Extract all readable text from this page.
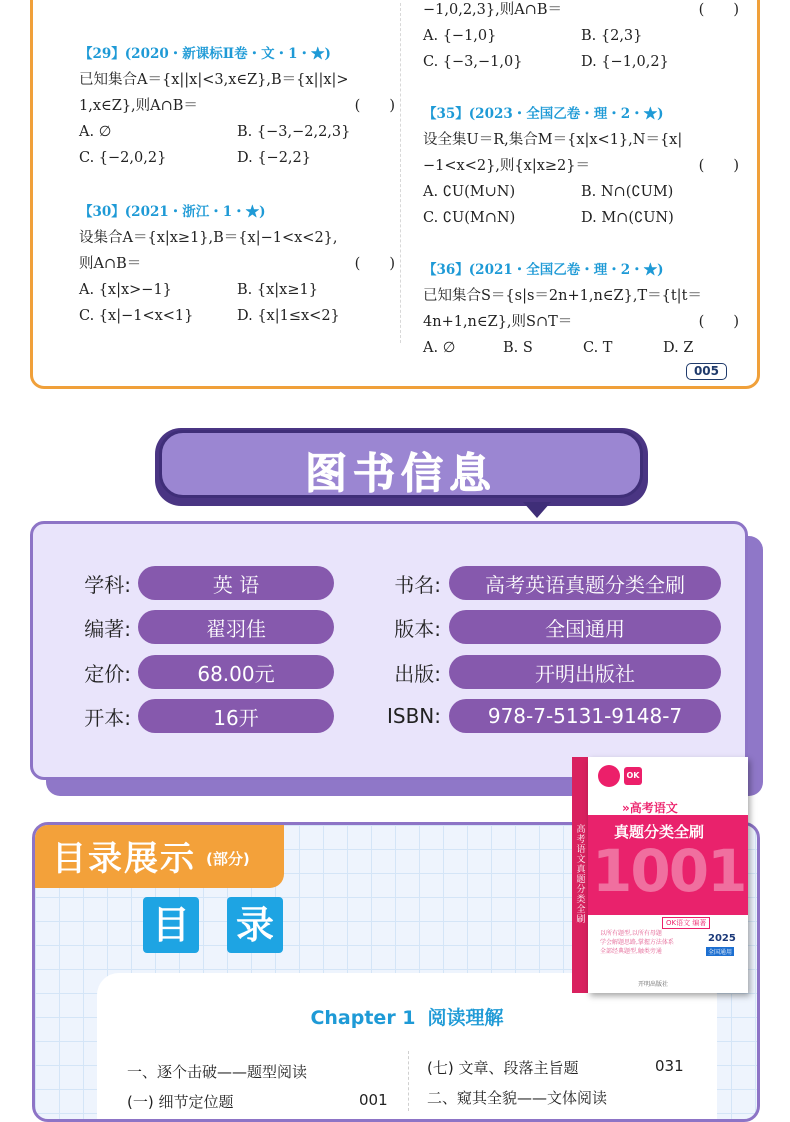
【29】(2020・新课标Ⅱ卷・文・1・★)
已知集合A＝{x||x|<3,x∈Z},B＝{x||x|>
1,x∈Z},则A∩B＝	(　　)
A. ∅	B. {−3,−2,2,3}
C. {−2,0,2}	D. {−2,2}
【30】(2021・浙江・1・★)
设集合A＝{x|x≥1},B＝{x|−1<x<2},
则A∩B＝	(　　)
A. {x|x>−1}	B. {x|x≥1}
C. {x|−1<x<1}	D. {x|1≤x<2}
−1,0,2,3},则A∩B＝	(　　)
A. {−1,0}	B. {2,3}
C. {−3,−1,0}	D. {−1,0,2}
【35】(2023・全国乙卷・理・2・★)
设全集U＝R,集合M＝{x|x<1},N＝{x|
−1<x<2},则{x|x≥2}＝	(　　)
A. ∁U(M∪N)	B. N∩(∁UM)
C. ∁U(M∩N)	D. M∩(∁UN)
【36】(2021・全国乙卷・理・2・★)
已知集合S＝{s|s＝2n+1,n∈Z},T＝{t|t＝
4n+1,n∈Z},则S∩T＝	(　　)
A. ∅	B. S	C. T	D. Z
005
图书信息
学科:	英 语
编著:	翟羽佳
定价:	68.00元
开本:	16开
书名:	高考英语真题分类全刷
版本:	全国通用
出版:	开明出版社
ISBN:	978-7-5131-9148-7
目录展示 (部分)
目 录
Chapter 1 阅读理解
一、逐个击破——题型阅读
(一) 细节定位题	001
(七) 文章、段落主旨题	031
二、窥其全貌——文体阅读
高考语文真题分类全刷
OK
»高考语文
真题分类全刷
1001
OK语文 编著
以所有题型,以所有母题
学会解题思路,掌握方法体系
全部经典题型,触类旁通
2025
全国通用
开明出版社
